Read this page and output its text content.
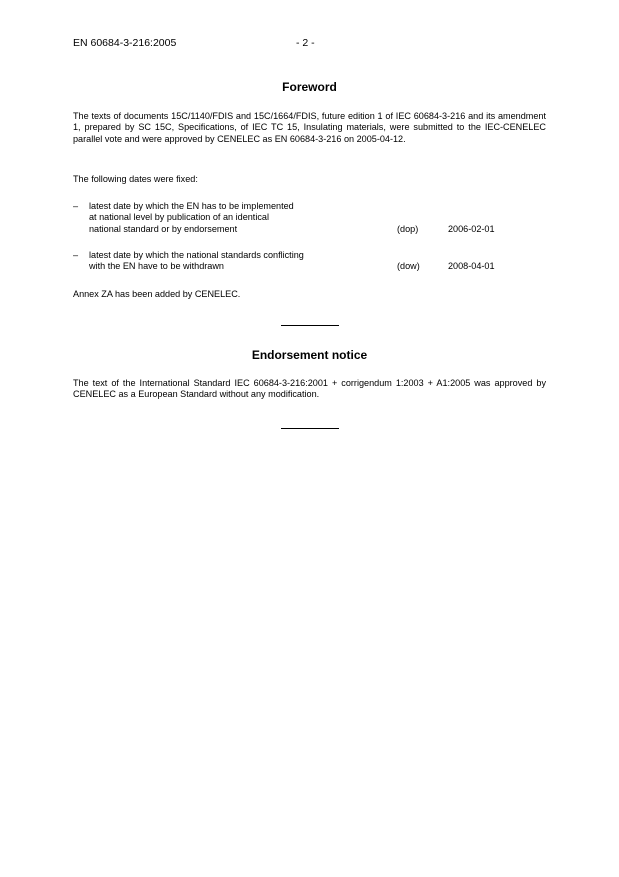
EN 60684-3-216:2005	- 2 -
Foreword
The texts of documents 15C/1140/FDIS and 15C/1664/FDIS, future edition 1 of IEC 60684-3-216 and its amendment 1, prepared by SC 15C, Specifications, of IEC TC 15, Insulating materials, were submitted to the IEC-CENELEC parallel vote and were approved by CENELEC as EN 60684-3-216 on 2005-04-12.
The following dates were fixed:
– latest date by which the EN has to be implemented
at national level by publication of an identical
national standard or by endorsement	(dop)	2006-02-01
– latest date by which the national standards conflicting
with the EN have to be withdrawn	(dow)	2008-04-01
Annex ZA has been added by CENELEC.
Endorsement notice
The text of the International Standard IEC 60684-3-216:2001 + corrigendum 1:2003 + A1:2005 was approved by CENELEC as a European Standard without any modification.
